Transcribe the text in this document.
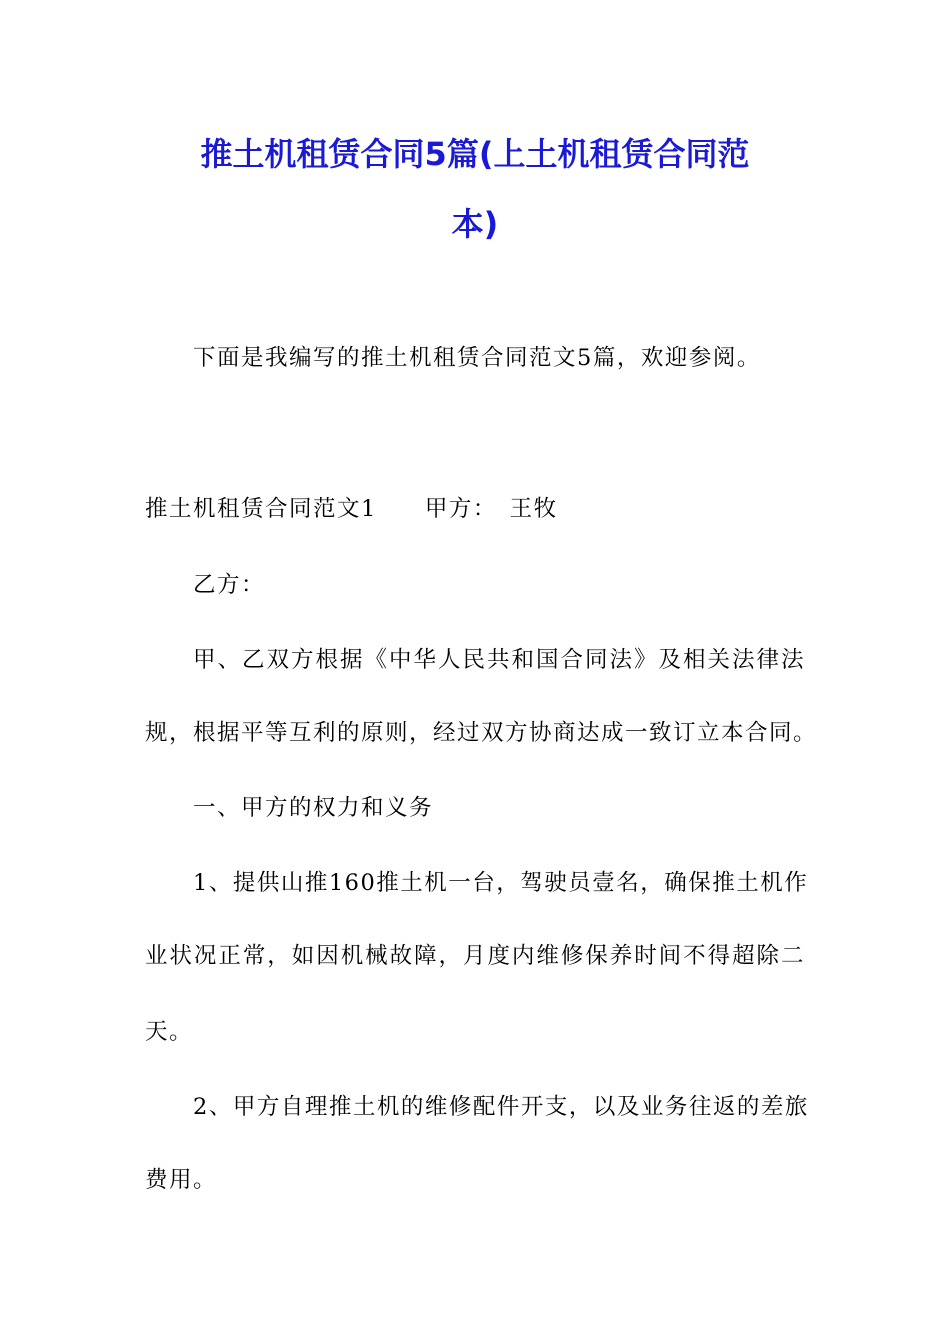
推土机租赁合同5篇(上土机租赁合同范
本)

下面是我编写的推土机租赁合同范文5篇，欢迎参阅。

推土机租赁合同范文1 甲方：　王牧

乙方：

甲、乙双方根据《中华人民共和国合同法》及相关法律法

规，根据平等互利的原则，经过双方协商达成一致订立本合同。

一、甲方的权力和义务

1、提供山推160推土机一台，驾驶员壹名，确保推土机作

业状况正常，如因机械故障，月度内维修保养时间不得超除二

天。

2、甲方自理推土机的维修配件开支，以及业务往返的差旅

费用。
